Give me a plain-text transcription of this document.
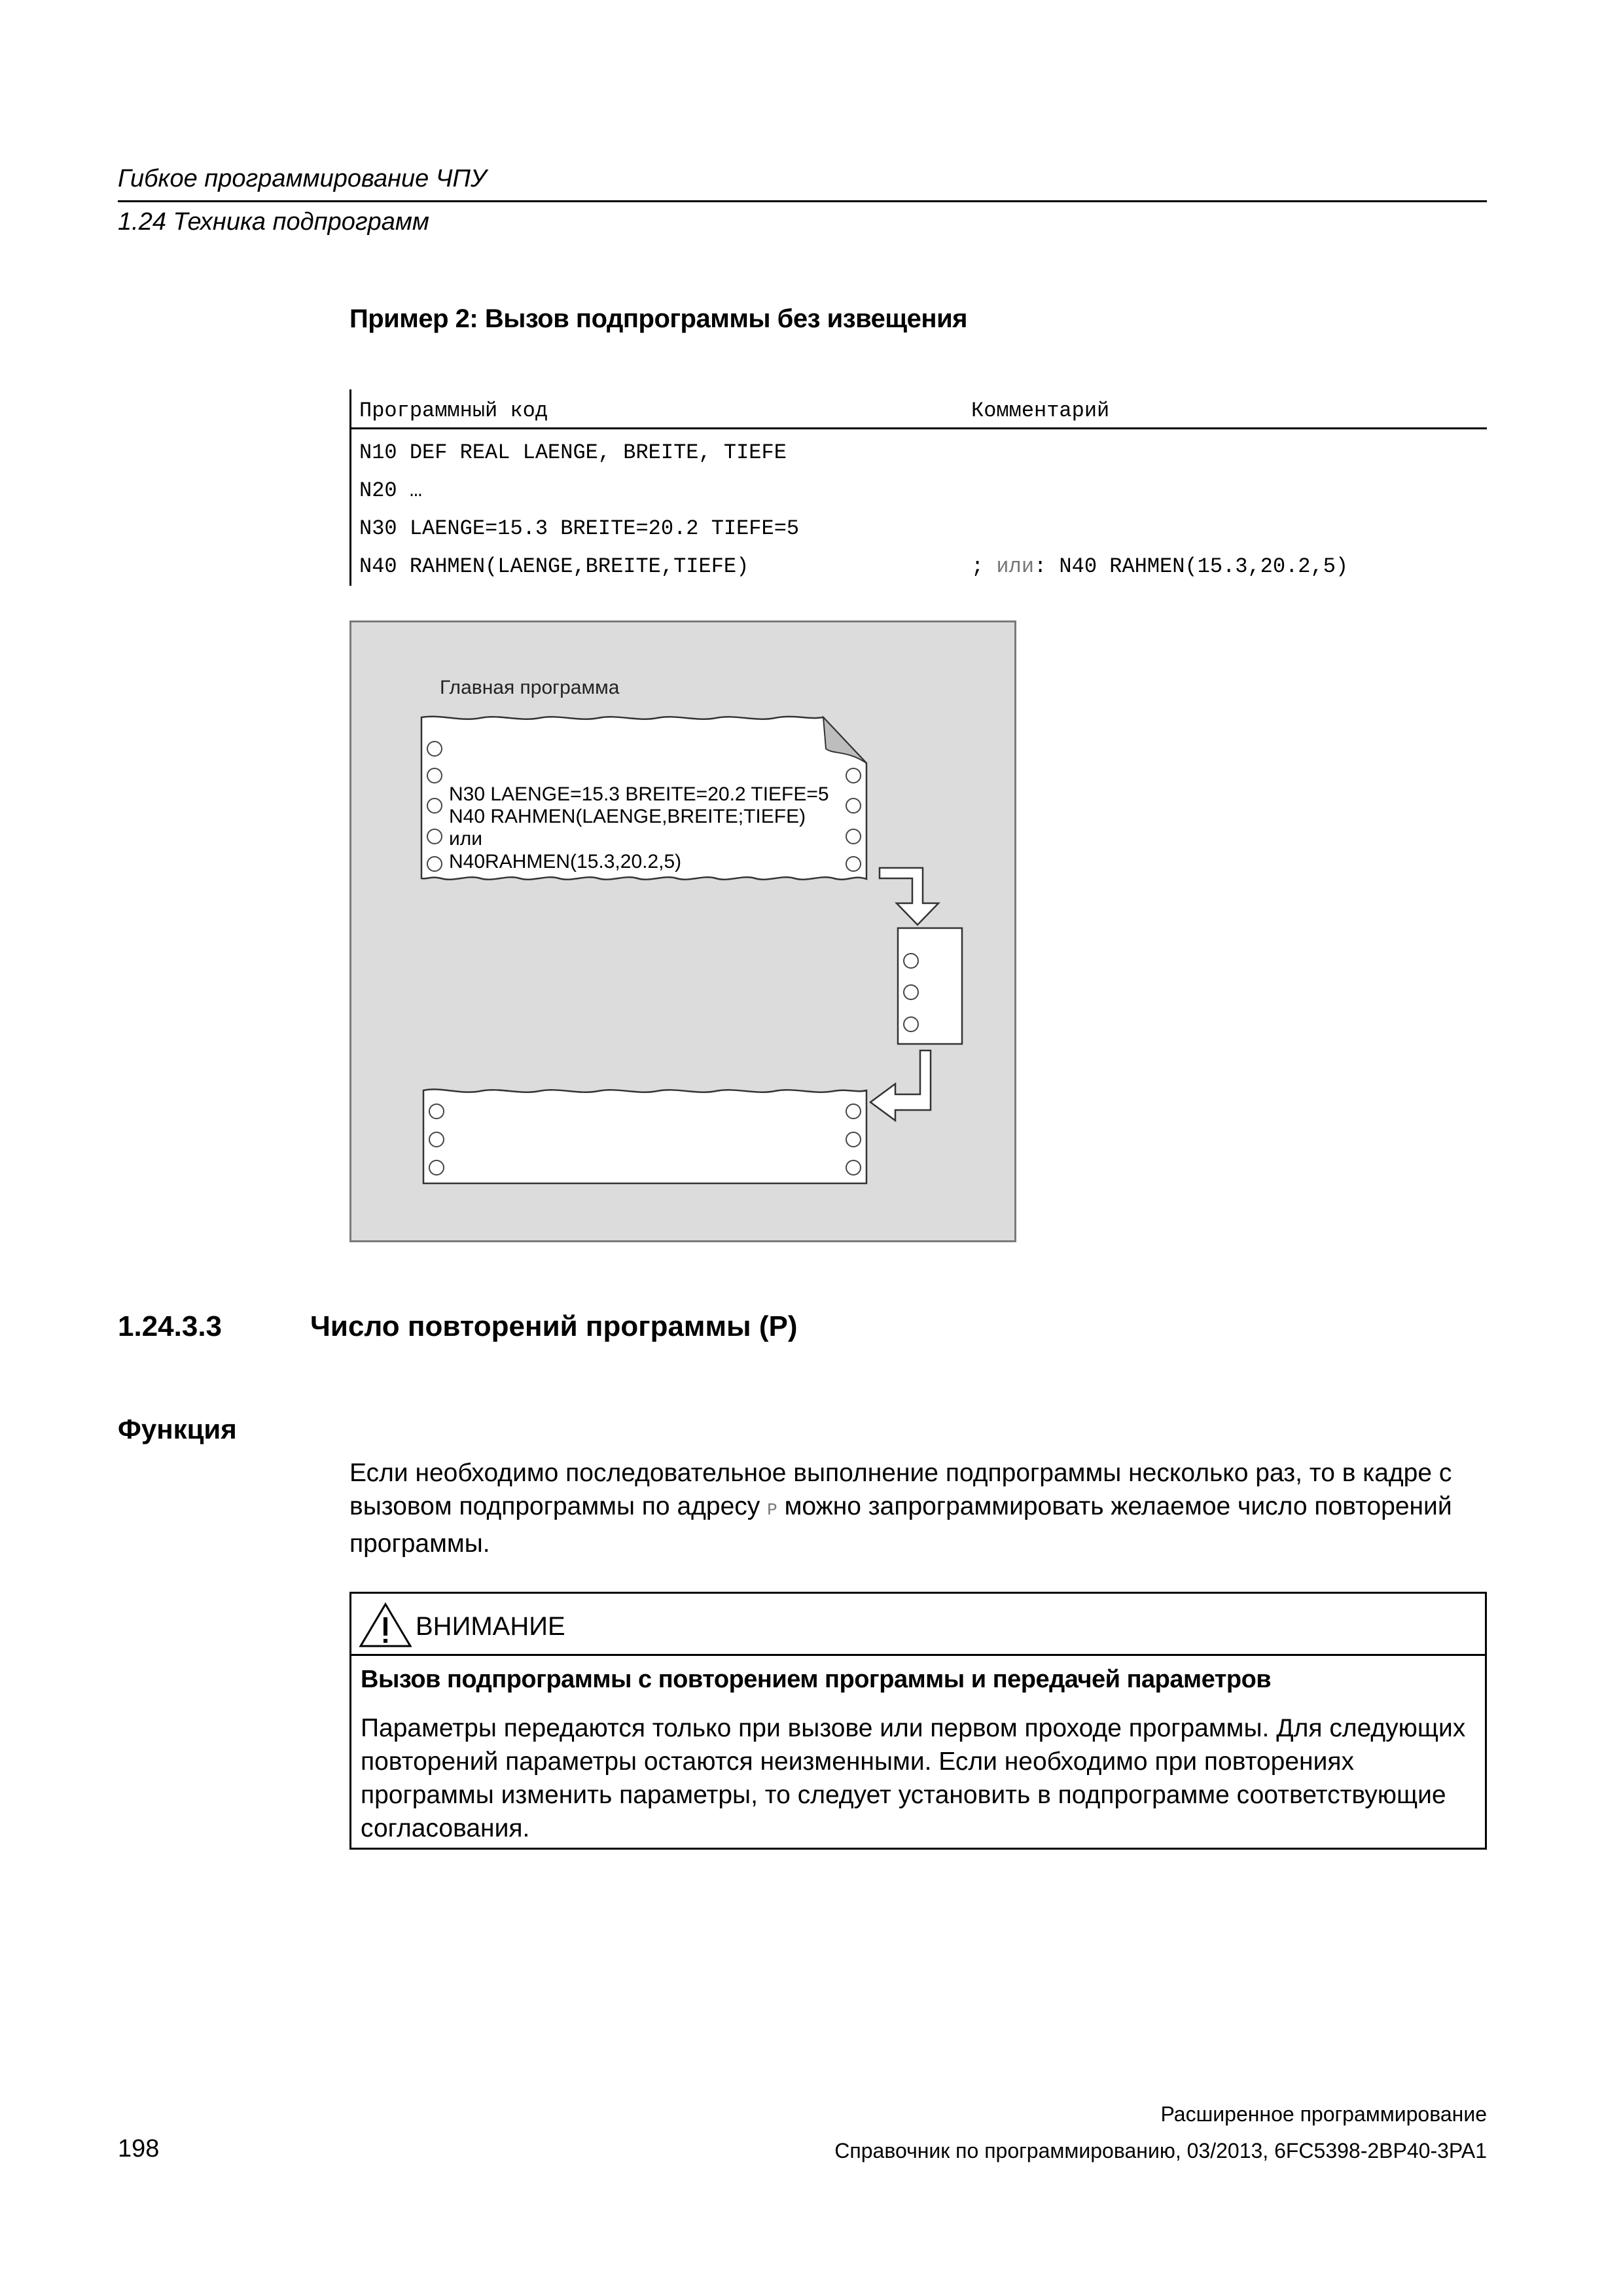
Гибкое программирование ЧПУ
1.24 Техника подпрограмм
Пример 2: Вызов подпрограммы без извещения
Программный код	Комментарий
N10 DEF REAL LAENGE, BREITE, TIEFE
N20 …
N30 LAENGE=15.3 BREITE=20.2 TIEFE=5
N40 RAHMEN(LAENGE,BREITE,TIEFE)	; или: N40 RAHMEN(15.3,20.2,5)
Главная программа
N30 LAENGE=15.3 BREITE=20.2 TIEFE=5
N40 RAHMEN(LAENGE,BREITE;TIEFE)
или
N40RAHMEN(15.3,20.2,5)
1.24.3.3	Число повторений программы (P)
Функция
Если необходимо последовательное выполнение подпрограммы несколько раз, то в кадре с вызовом подпрограммы по адресу P можно запрограммировать желаемое число повторений программы.
ВНИМАНИЕ
Вызов подпрограммы с повторением программы и передачей параметров
Параметры передаются только при вызове или первом проходе программы. Для следующих повторений параметры остаются неизменными. Если необходимо при повторениях программы изменить параметры, то следует установить в подпрограмме соответствующие согласования.
Расширенное программирование
198	Справочник по программированию, 03/2013, 6FC5398-2BP40-3PA1
